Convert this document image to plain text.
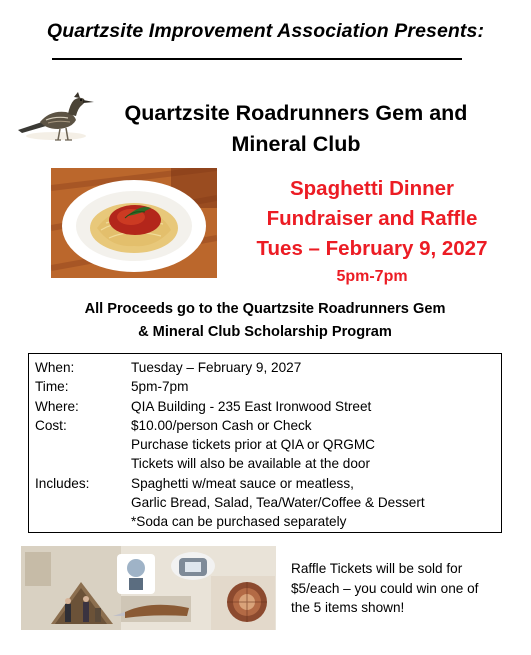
Quartzsite Improvement Association Presents:
Quartzsite Roadrunners Gem and
Mineral Club
Spaghetti Dinner
Fundraiser and Raffle
Tues – February 9, 2027
5pm-7pm
All Proceeds go to the Quartzsite Roadrunners Gem
& Mineral Club Scholarship Program
When:	Tuesday – February 9, 2027
Time:	5pm-7pm
Where:	QIA Building - 235 East Ironwood Street
Cost:	$10.00/person Cash or Check
Purchase tickets prior at QIA or QRGMC
Tickets will also be available at the door
Includes:	Spaghetti w/meat sauce or meatless,
Garlic Bread, Salad, Tea/Water/Coffee & Dessert
*Soda can be purchased separately
Raffle Tickets will be sold for
$5/each – you could win one of
the 5 items shown!
